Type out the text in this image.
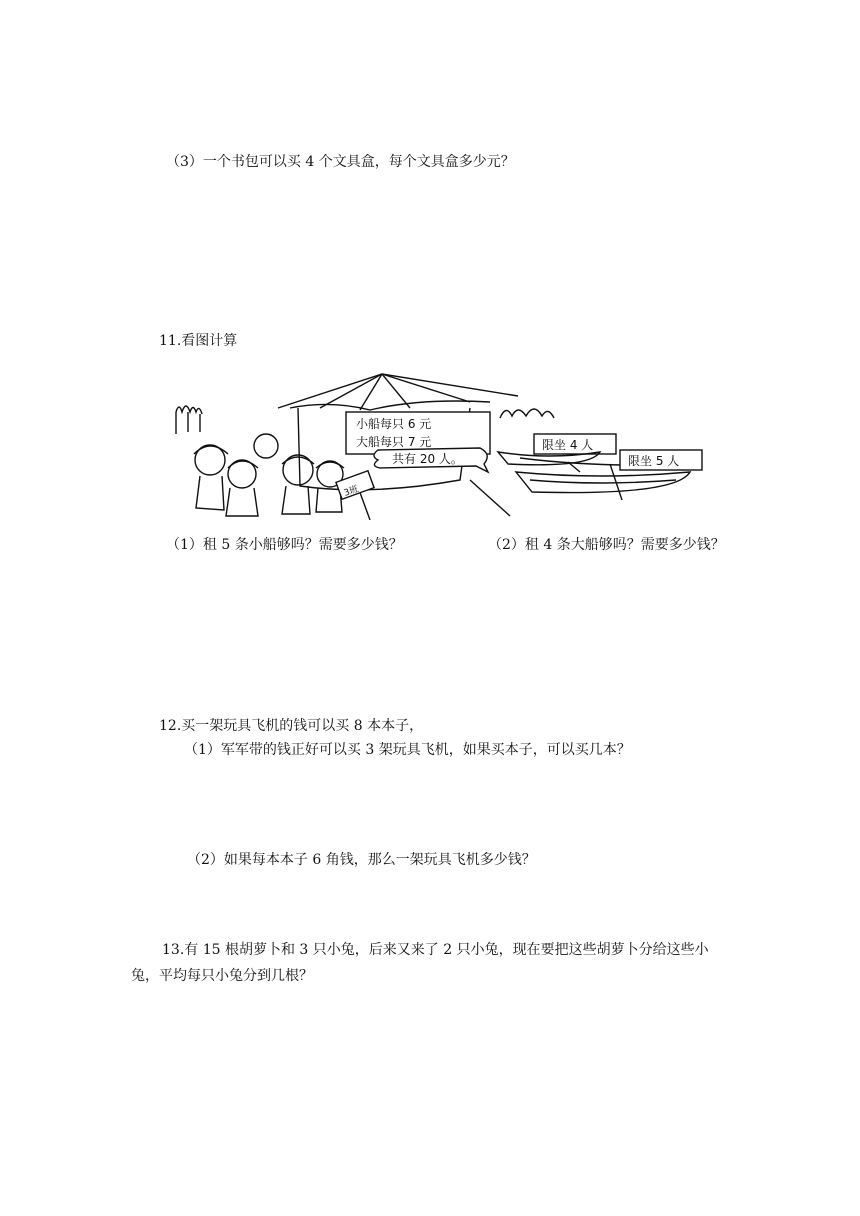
（3）一个书包可以买 4 个文具盒，每个文具盒多少元？
11.看图计算
小船每只 6 元
大船每只 7 元
共有 20 人。
限坐 4 人
限坐 5 人
3班
（1）租 5 条小船够吗？需要多少钱？	（2）租 4 条大船够吗？需要多少钱？
12.买一架玩具飞机的钱可以买 8 本本子，
（1）军军带的钱正好可以买 3 架玩具飞机，如果买本子，可以买几本？
（2）如果每本本子 6 角钱，那么一架玩具飞机多少钱？
13.有 15 根胡萝卜和 3 只小兔，后来又来了 2 只小兔，现在要把这些胡萝卜分给这些小
兔，平均每只小兔分到几根？
